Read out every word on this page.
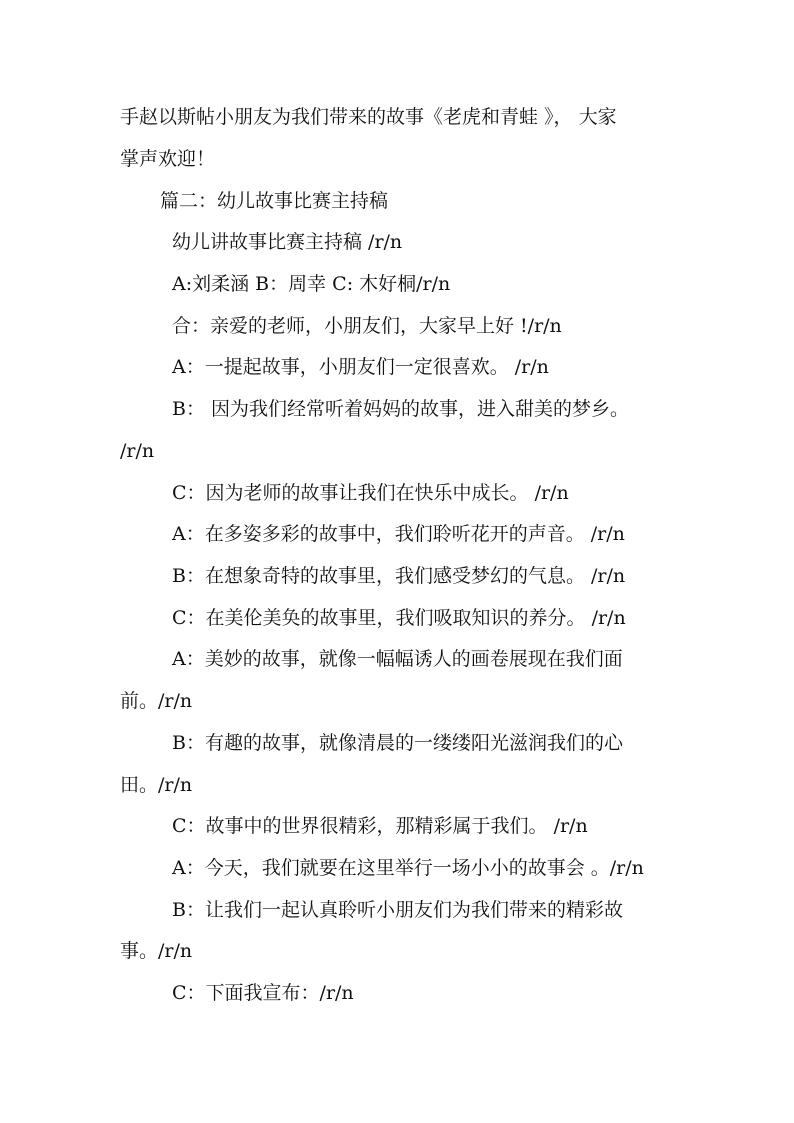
手赵以斯帖小朋友为我们带来的故事《老虎和青蛙 》， 大家
掌声欢迎！
篇二：幼儿故事比赛主持稿
幼儿讲故事比赛主持稿 /r/n
A:刘柔涵 B：周幸 C: 木好桐/r/n
合：亲爱的老师，小朋友们，大家早上好 !/r/n
A：一提起故事，小朋友们一定很喜欢。 /r/n
B： 因为我们经常听着妈妈的故事，进入甜美的梦乡。
/r/n
C：因为老师的故事让我们在快乐中成长。 /r/n
A：在多姿多彩的故事中，我们聆听花开的声音。 /r/n
B：在想象奇特的故事里，我们感受梦幻的气息。 /r/n
C：在美伦美奂的故事里，我们吸取知识的养分。 /r/n
A：美妙的故事，就像一幅幅诱人的画卷展现在我们面
前。/r/n
B：有趣的故事，就像清晨的一缕缕阳光滋润我们的心
田。/r/n
C：故事中的世界很精彩，那精彩属于我们。 /r/n
A：今天，我们就要在这里举行一场小小的故事会 。/r/n
B：让我们一起认真聆听小朋友们为我们带来的精彩故
事。/r/n
C：下面我宣布：/r/n
